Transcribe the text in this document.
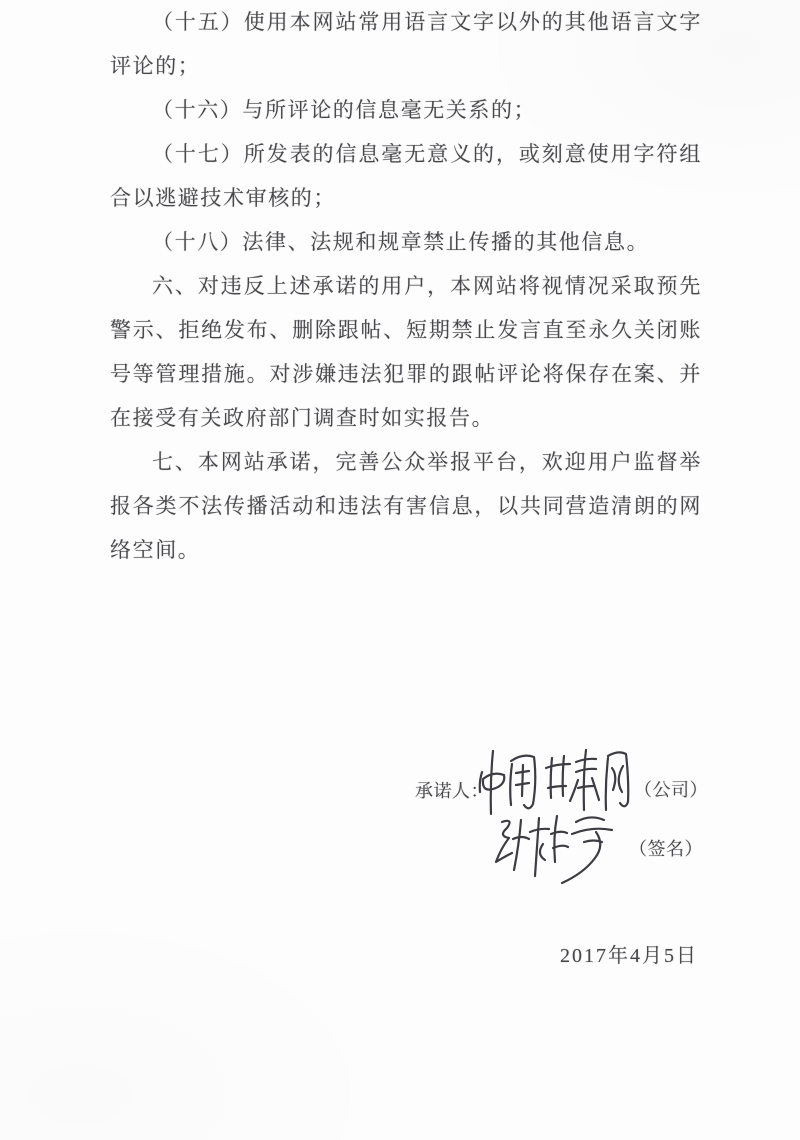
（十五）使用本网站常用语言文字以外的其他语言文字评论的；

（十六）与所评论的信息毫无关系的；

（十七）所发表的信息毫无意义的，或刻意使用字符组合以逃避技术审核的；

（十八）法律、法规和规章禁止传播的其他信息。

六、对违反上述承诺的用户，本网站将视情况采取预先警示、拒绝发布、删除跟帖、短期禁止发言直至永久关闭账号等管理措施。对涉嫌违法犯罪的跟帖评论将保存在案、并在接受有关政府部门调查时如实报告。

七、本网站承诺，完善公众举报平台，欢迎用户监督举报各类不法传播活动和违法有害信息，以共同营造清朗的网络空间。

承诺人：	（公司）
（签名）
2017年4月5日
